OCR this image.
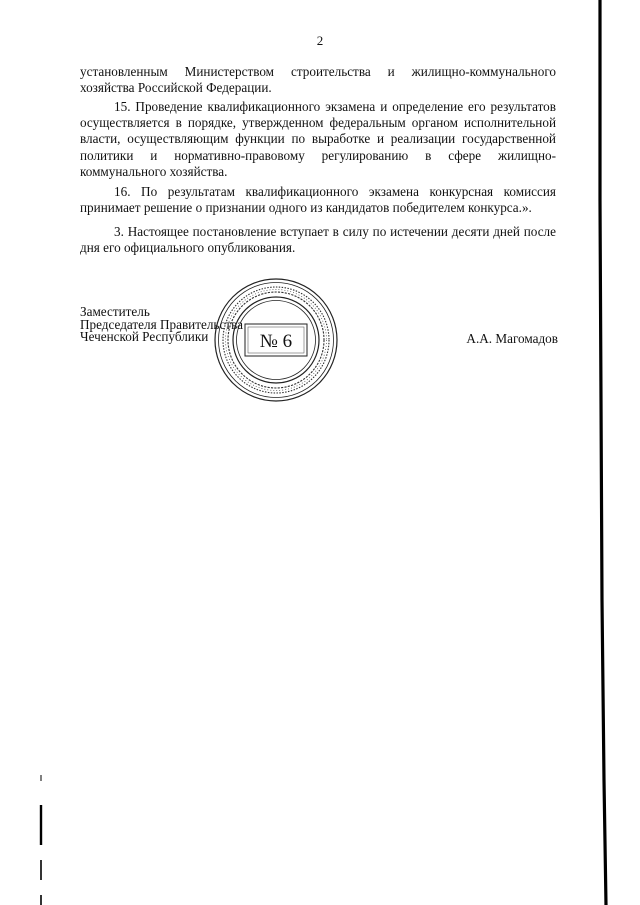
2

установленным Министерством строительства и жилищно-коммунального

хозяйства Российской Федерации.

15. Проведение квалификационного экзамена и определение его результатов осуществляется в порядке, утвержденном федеральным органом исполнительной власти, осуществляющим функции по выработке и реализации государственной политики и нормативно-правовому регулированию в сфере жилищно-коммунального хозяйства.

16. По результатам квалификационного экзамена конкурсная комиссия принимает решение о признании одного из кандидатов победителем конкурса.».

3. Настоящее постановление вступает в силу по истечении десяти дней после дня его официального опубликования.

Заместитель
Председателя Правительства
Чеченской Республики	А.А. Магомадов
№ 6
